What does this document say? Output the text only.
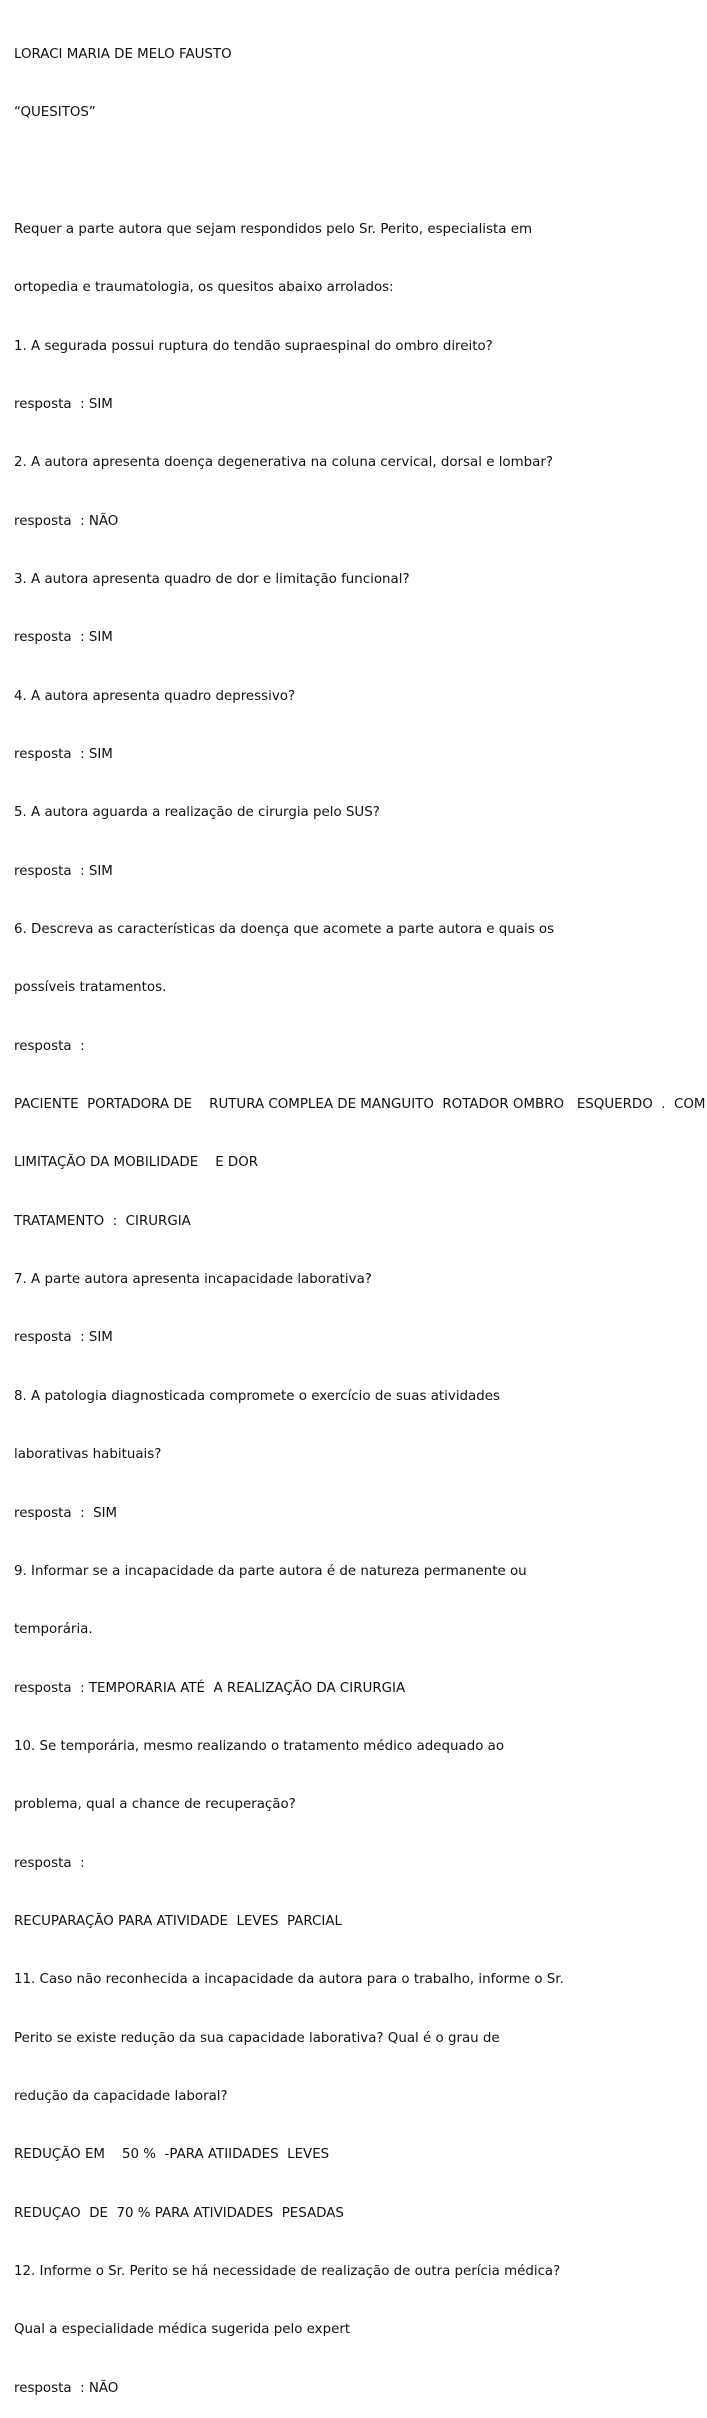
LORACI MARIA DE MELO FAUSTO

“QUESITOS”

Requer a parte autora que sejam respondidos pelo Sr. Perito, especialista em

ortopedia e traumatologia, os quesitos abaixo arrolados:

1. A segurada possui ruptura do tendão supraespinal do ombro direito?

resposta  : SIM

2. A autora apresenta doença degenerativa na coluna cervical, dorsal e lombar?

resposta  : NÃO

3. A autora apresenta quadro de dor e limitação funcional?

resposta  : SIM

4. A autora apresenta quadro depressivo?

resposta  : SIM

5. A autora aguarda a realização de cirurgia pelo SUS?

resposta  : SIM

6. Descreva as características da doença que acomete a parte autora e quais os

possíveis tratamentos.

resposta  :

PACIENTE  PORTADORA DE    RUTURA COMPLEA DE MANGUITO  ROTADOR OMBRO   ESQUERDO  .  COM

LIMITAÇÃO DA MOBILIDADE    E DOR

TRATAMENTO  :  CIRURGIA

7. A parte autora apresenta incapacidade laborativa?

resposta  : SIM

8. A patologia diagnosticada compromete o exercício de suas atividades

laborativas habituais?

resposta  :  SIM

9. Informar se a incapacidade da parte autora é de natureza permanente ou

temporária.

resposta  : TEMPORARIA ATÉ  A REALIZAÇÃO DA CIRURGIA

10. Se temporária, mesmo realizando o tratamento médico adequado ao

problema, qual a chance de recuperação?

resposta  :

RECUPARAÇÃO PARA ATIVIDADE  LEVES  PARCIAL

11. Caso não reconhecida a incapacidade da autora para o trabalho, informe o Sr.

Perito se existe redução da sua capacidade laborativa? Qual é o grau de

redução da capacidade laboral?

REDUÇÃO EM    50 %  -PARA ATIIDADES  LEVES

REDUÇAO  DE  70 % PARA ATIVIDADES  PESADAS

12. Informe o Sr. Perito se há necessidade de realização de outra perícia médica?

Qual a especialidade médica sugerida pelo expert

resposta  : NÃO
